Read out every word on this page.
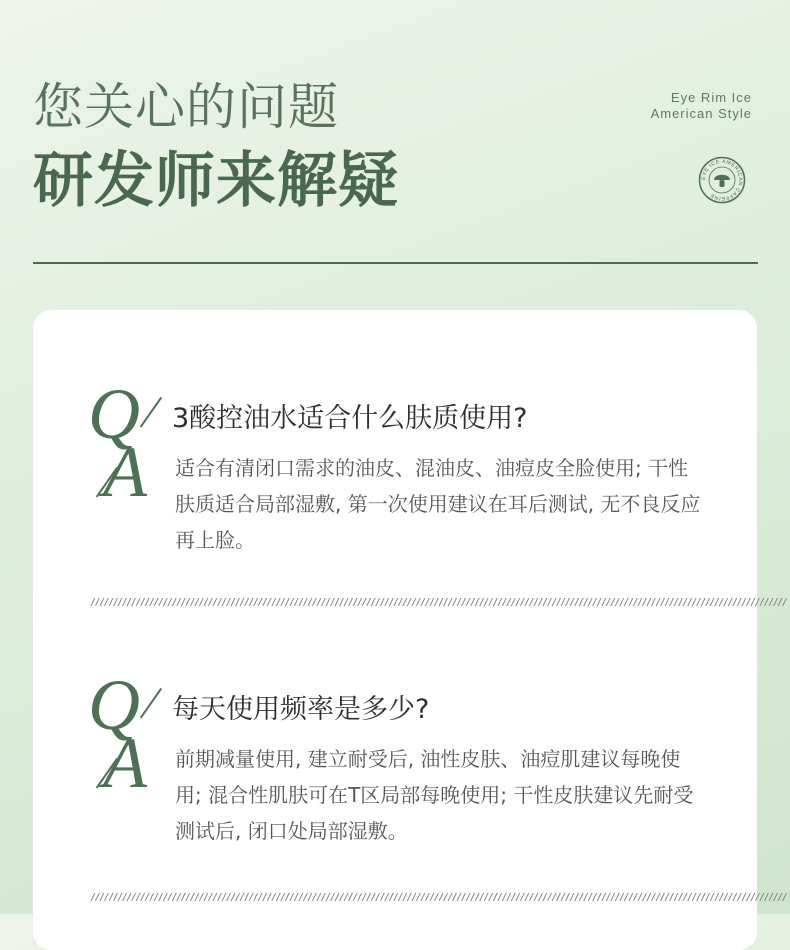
您关心的问题
研发师来解疑
Eye Rim Ice
American Style
EYE ICE AMERICAN CAFFEINE
Q
A
3酸控油水适合什么肤质使用?
适合有清闭口需求的油皮、混油皮、油痘皮全脸使用; 干性肤质适合局部湿敷, 第一次使用建议在耳后测试, 无不良反应再上脸。
//////////////////////////////////////////////////////////////////////////////////////////////////////////////////////////////////////////////////////////
Q
A
每天使用频率是多少?
前期减量使用, 建立耐受后, 油性皮肤、油痘肌建议每晚使用; 混合性肌肤可在T区局部每晚使用; 干性皮肤建议先耐受测试后, 闭口处局部湿敷。
//////////////////////////////////////////////////////////////////////////////////////////////////////////////////////////////////////////////////////////
